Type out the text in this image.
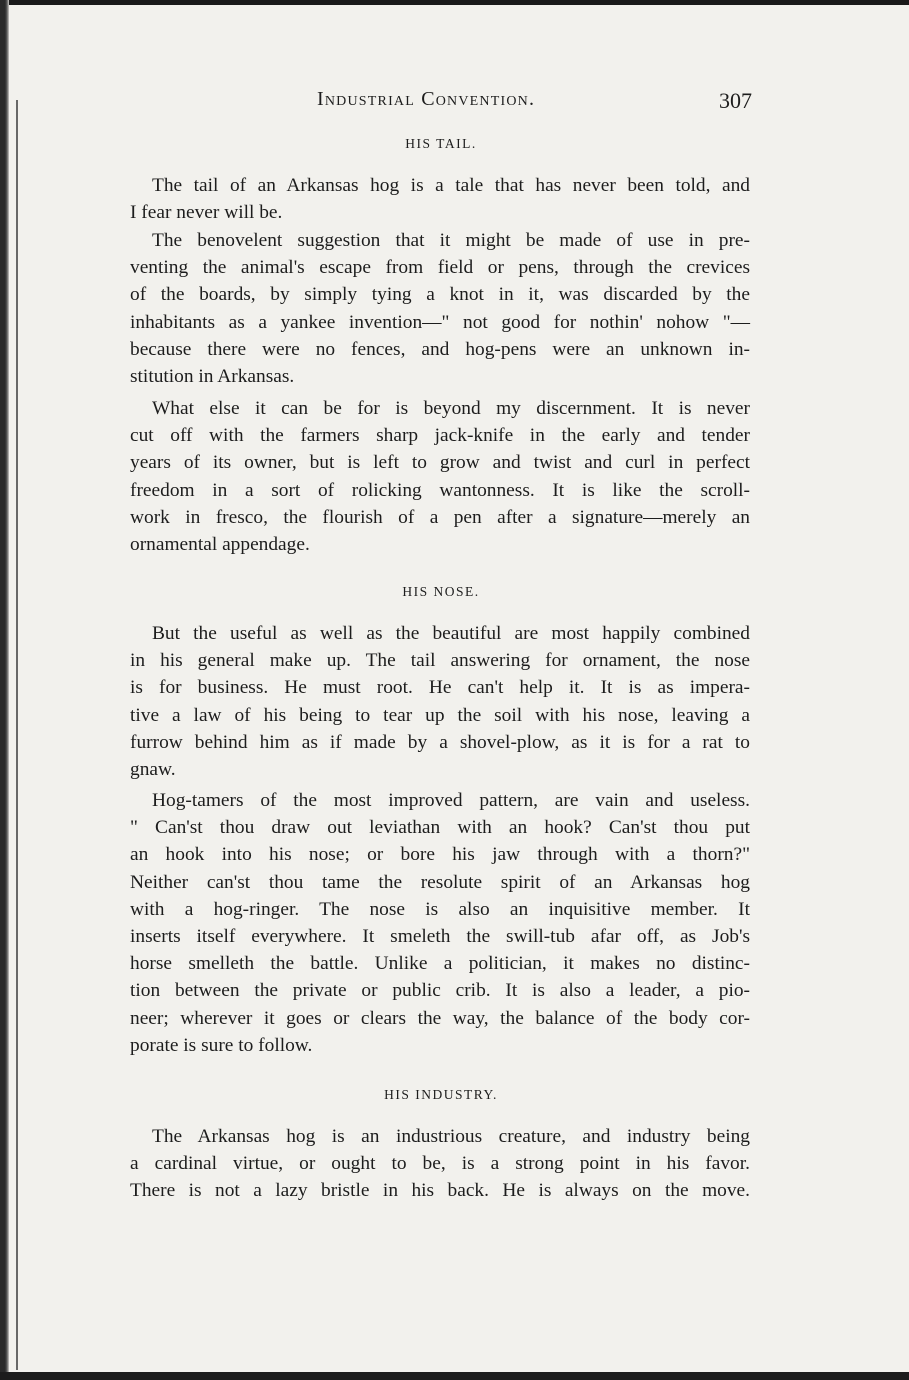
Industrial Convention.	307
HIS TAIL.
The tail of an Arkansas hog is a tale that has never been told, and
I fear never will be.
The benovelent suggestion that it might be made of use in pre-
venting the animal's escape from field or pens, through the crevices
of the boards, by simply tying a knot in it, was discarded by the
inhabitants as a yankee invention—" not good for nothin' nohow "—
because there were no fences, and hog-pens were an unknown in-
stitution in Arkansas.
What else it can be for is beyond my discernment. It is never
cut off with the farmers sharp jack-knife in the early and tender
years of its owner, but is left to grow and twist and curl in perfect
freedom in a sort of rolicking wantonness. It is like the scroll-
work in fresco, the flourish of a pen after a signature—merely an
ornamental appendage.
HIS NOSE.
But the useful as well as the beautiful are most happily combined
in his general make up. The tail answering for ornament, the nose
is for business. He must root. He can't help it. It is as impera-
tive a law of his being to tear up the soil with his nose, leaving a
furrow behind him as if made by a shovel-plow, as it is for a rat to
gnaw.
Hog-tamers of the most improved pattern, are vain and useless.
" Can'st thou draw out leviathan with an hook? Can'st thou put
an hook into his nose; or bore his jaw through with a thorn?"
Neither can'st thou tame the resolute spirit of an Arkansas hog
with a hog-ringer. The nose is also an inquisitive member. It
inserts itself everywhere. It smeleth the swill-tub afar off, as Job's
horse smelleth the battle. Unlike a politician, it makes no distinc-
tion between the private or public crib. It is also a leader, a pio-
neer; wherever it goes or clears the way, the balance of the body cor-
porate is sure to follow.
HIS INDUSTRY.
The Arkansas hog is an industrious creature, and industry being
a cardinal virtue, or ought to be, is a strong point in his favor.
There is not a lazy bristle in his back. He is always on the move.
